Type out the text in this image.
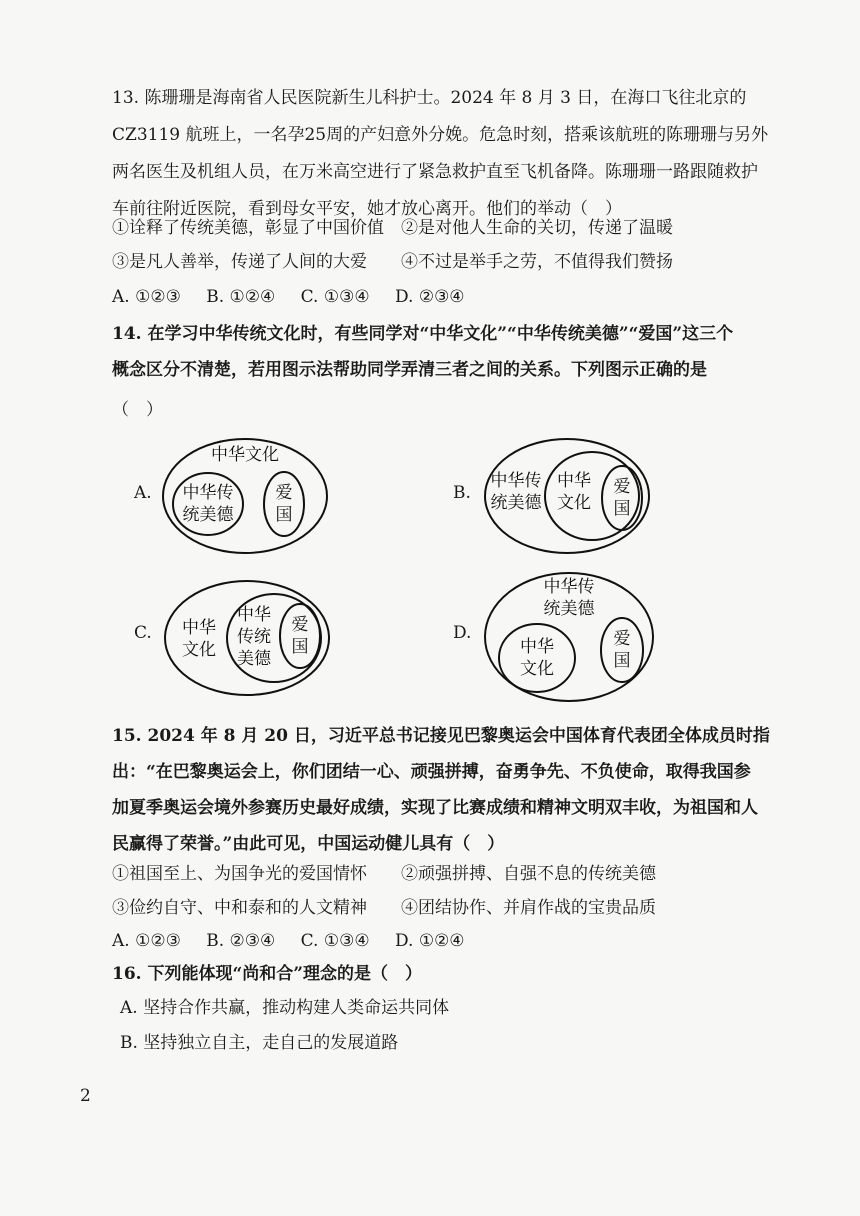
13. 陈珊珊是海南省人民医院新生儿科护士。2024 年 8 月 3 日，在海口飞往北京的
CZ3119 航班上，一名孕25周的产妇意外分娩。危急时刻，搭乘该航班的陈珊珊与另外
两名医生及机组人员，在万米高空进行了紧急救护直至飞机备降。陈珊珊一路跟随救护
车前往附近医院，看到母女平安，她才放心离开。他们的举动（　）
①诠释了传统美德，彰显了中国价值　②是对他人生命的关切，传递了温暖
③是凡人善举，传递了人间的大爱　　④不过是举手之劳，不值得我们赞扬
A. ①②③ B. ①②④ C. ①③④ D. ②③④
14. 在学习中华传统文化时，有些同学对“中华文化”“中华传统美德”“爱国”这三个
概念区分不清楚，若用图示法帮助同学弄清三者之间的关系。下列图示正确的是
（　）
A.
中华文化
中华传
统美德
爱
国
B.
中华传
统美德
中华
文化
爱
国
C. 中华
文化
中华
传统
美德
爱
国
D.
中华传
统美德
中华
文化
爱
国
15. 2024 年 8 月 20 日，习近平总书记接见巴黎奥运会中国体育代表团全体成员时指
出：“在巴黎奥运会上，你们团结一心、顽强拼搏，奋勇争先、不负使命，取得我国参
加夏季奥运会境外参赛历史最好成绩，实现了比赛成绩和精神文明双丰收，为祖国和人
民赢得了荣誉。”由此可见，中国运动健儿具有（　）
①祖国至上、为国争光的爱国情怀　　②顽强拼搏、自强不息的传统美德
③俭约自守、中和泰和的人文精神　　④团结协作、并肩作战的宝贵品质
A. ①②③ B. ②③④ C. ①③④ D. ①②④
16. 下列能体现“尚和合”理念的是（　）
A. 坚持合作共赢，推动构建人类命运共同体
B. 坚持独立自主，走自己的发展道路
2
